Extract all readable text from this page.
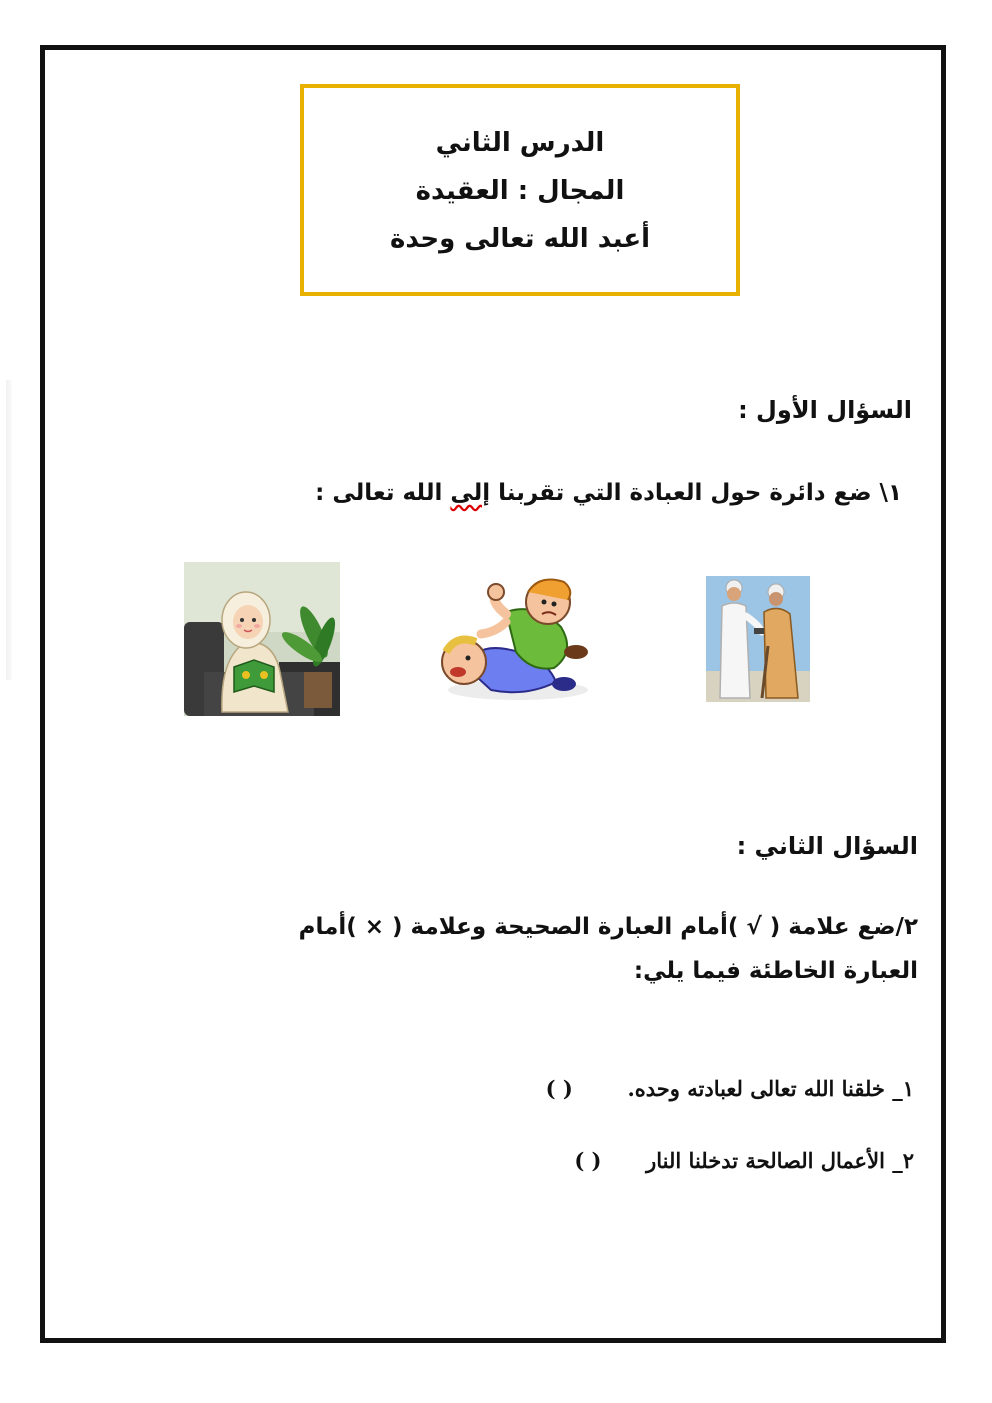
الدرس الثاني
المجال : العقيدة
أعبد الله تعالى وحدة
السؤال الأول :
١\ ضع دائرة حول العبادة التي تقربنا إلى الله تعالى :
السؤال الثاني :
٢/ضع علامة ( √ )أمام العبارة الصحيحة وعلامة ( × )أمام
العبارة الخاطئة فيما يلي:
١_ خلقنا الله تعالى لعبادته وحده.  ( )
٢_ الأعمال الصالحة تدخلنا النار  ( )
